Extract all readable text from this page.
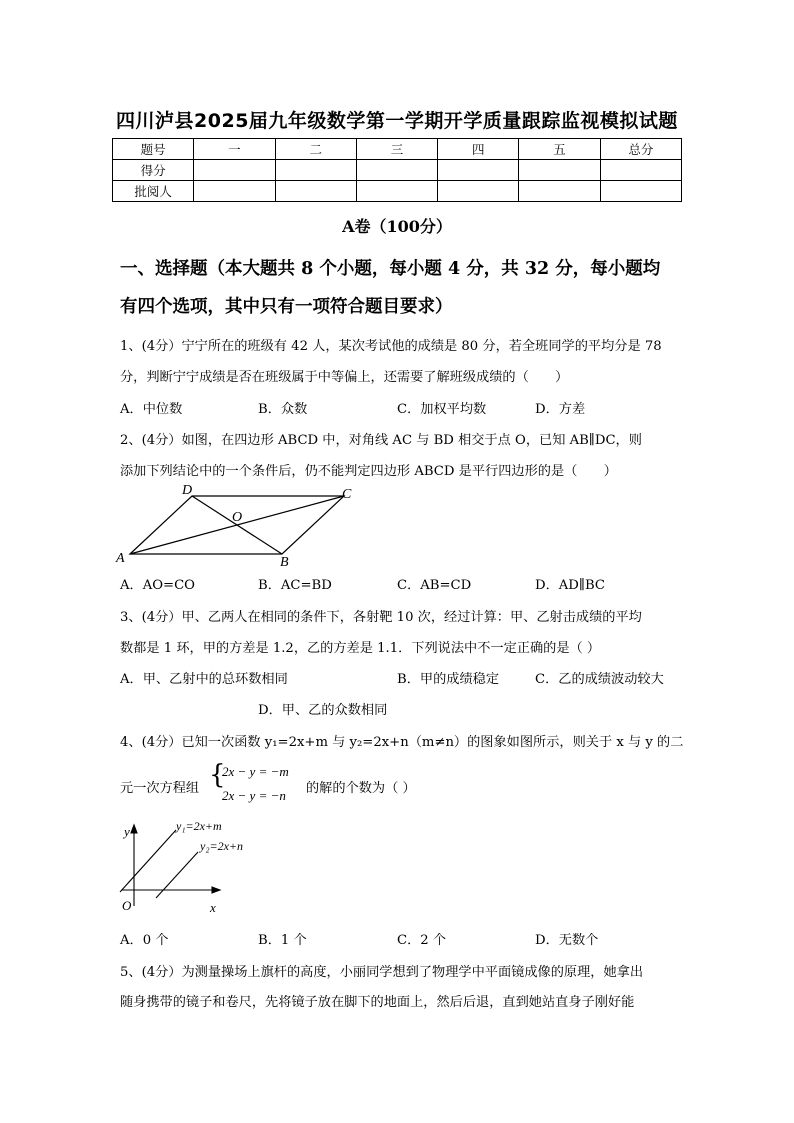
四川泸县2025届九年级数学第一学期开学质量跟踪监视模拟试题
题号	一	二	三	四	五	总分
得分						
批阅人						
A卷（100分）
一、选择题（本大题共 8 个小题，每小题 4 分，共 32 分，每小题均
有四个选项，其中只有一项符合题目要求）
1、(4分）宁宁所在的班级有 42 人，某次考试他的成绩是 80 分，若全班同学的平均分是 78
分，判断宁宁成绩是否在班级属于中等偏上，还需要了解班级成绩的（　　）
A．中位数	B．众数	C．加权平均数	D．方差
2、(4分）如图，在四边形 ABCD 中，对角线 AC 与 BD 相交于点 O，已知 AB∥DC，则
添加下列结论中的一个条件后，仍不能判定四边形 ABCD 是平行四边形的是（　　）
A	B
C
D
O
A．AO=CO	B．AC=BD	C．AB=CD	D．AD∥BC
3、(4分）甲、乙两人在相同的条件下，各射靶 10 次，经过计算：甲、乙射击成绩的平均
数都是 1 环，甲的方差是 1.2，乙的方差是 1.1．下列说法中不一定正确的是（ ）
A．甲、乙射中的总环数相同	B．甲的成绩稳定	C．乙的成绩波动较大
D．甲、乙的众数相同
4、(4分）已知一次函数 y₁=2x+m 与 y₂=2x+n（m≠n）的图象如图所示，则关于 x 与 y 的二
元一次方程组 {
2x − y = −m
2x − y = −n 的解的个数为（ ）
y
x
O
y₁=2x+m
y₂=2x+n
A．0 个	B．1 个	C．2 个	D．无数个
5、(4分）为测量操场上旗杆的高度，小丽同学想到了物理学中平面镜成像的原理，她拿出
随身携带的镜子和卷尺，先将镜子放在脚下的地面上，然后后退，直到她站直身子刚好能
